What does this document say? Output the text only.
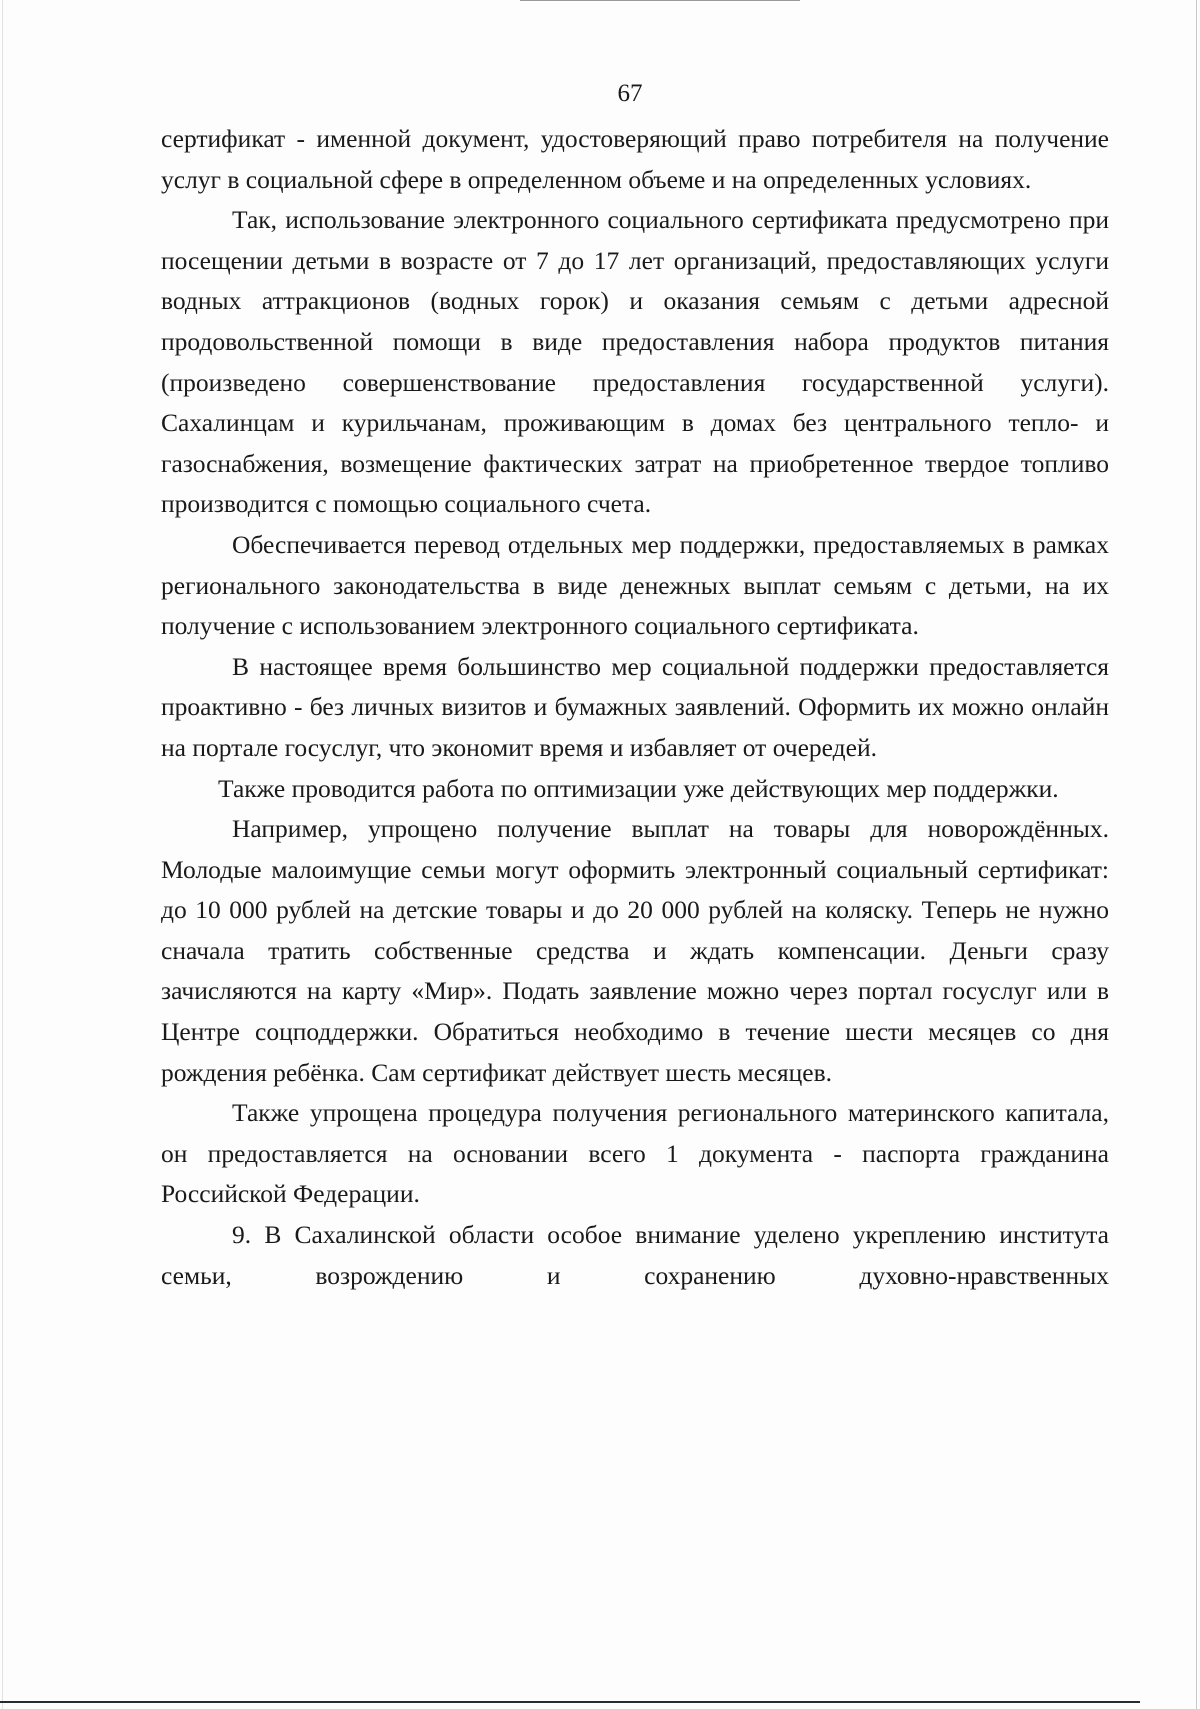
67

сертификат - именной документ, удостоверяющий право потребителя на получение услуг в социальной сфере в определенном объеме и на определенных условиях.

Так, использование электронного социального сертификата предусмотрено при посещении детьми в возрасте от 7 до 17 лет организаций, предоставляющих услуги водных аттракционов (водных горок) и оказания семьям с детьми адресной продовольственной помощи в виде предоставления набора продуктов питания (произведено совершенствование предоставления государственной услуги). Сахалинцам и курильчанам, проживающим в домах без центрального тепло- и газоснабжения, возмещение фактических затрат на приобретенное твердое топливо производится с помощью социального счета.

Обеспечивается перевод отдельных мер поддержки, предоставляемых в рамках регионального законодательства в виде денежных выплат семьям с детьми, на их получение с использованием электронного социального сертификата.

В настоящее время большинство мер социальной поддержки предоставляется проактивно - без личных визитов и бумажных заявлений. Оформить их можно онлайн на портале госуслуг, что экономит время и избавляет от очередей.

Также проводится работа по оптимизации уже действующих мер поддержки.

Например, упрощено получение выплат на товары для новорождённых. Молодые малоимущие семьи могут оформить электронный социальный сертификат: до 10 000 рублей на детские товары и до 20 000 рублей на коляску. Теперь не нужно сначала тратить собственные средства и ждать компенсации. Деньги сразу зачисляются на карту «Мир». Подать заявление можно через портал госуслуг или в Центре соцподдержки. Обратиться необходимо в течение шести месяцев со дня рождения ребёнка. Сам сертификат действует шесть месяцев.

Также упрощена процедура получения регионального материнского капитала, он предоставляется на основании всего 1 документа - паспорта гражданина Российской Федерации.

9. В Сахалинской области особое внимание уделено укреплению института семьи, возрождению и сохранению духовно-нравственных
